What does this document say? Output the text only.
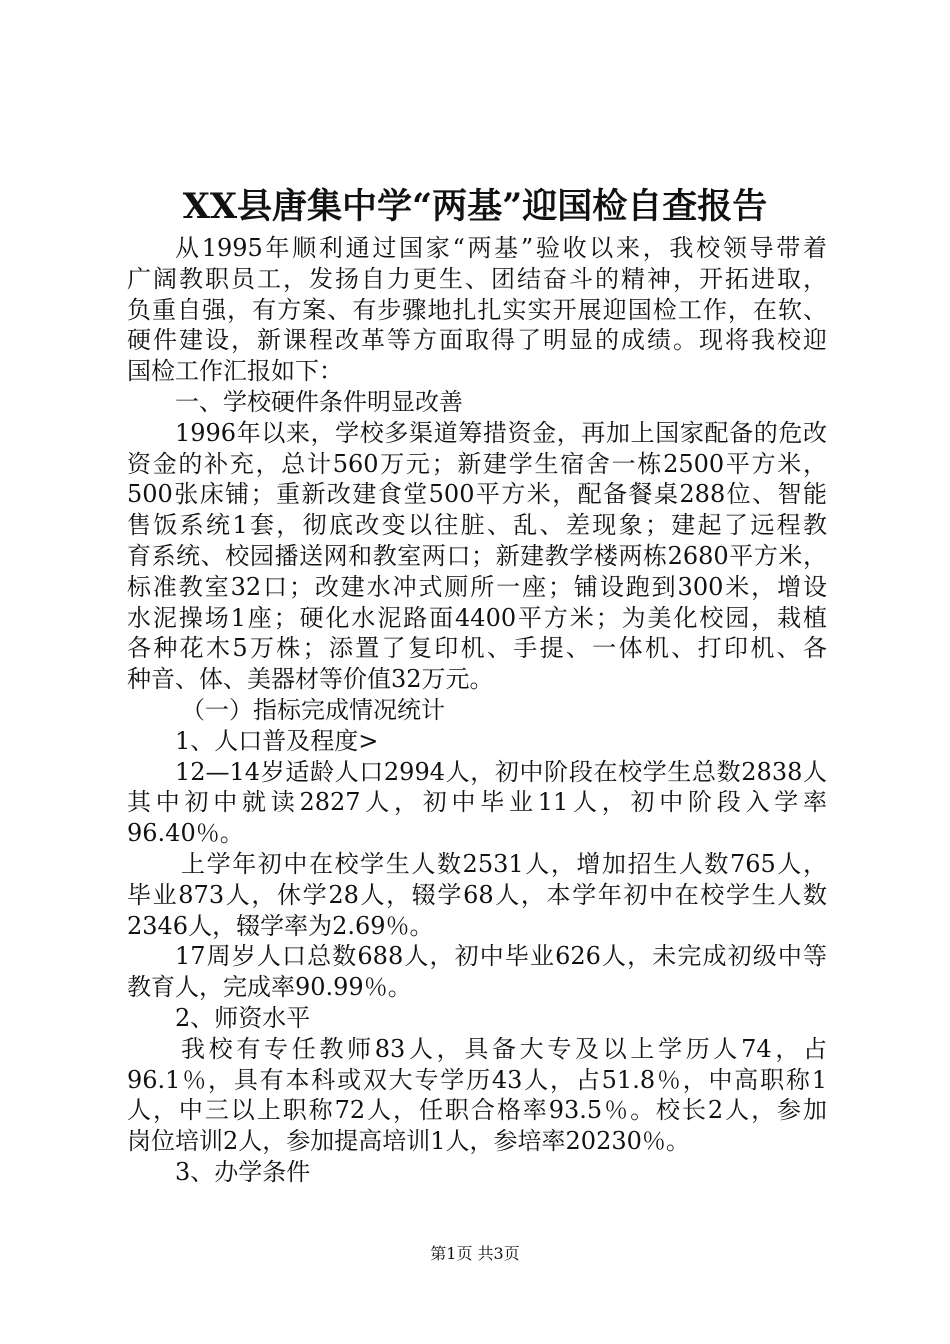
XX县唐集中学“两基”迎国检自查报告
从1995年顺利通过国家“两基”验收以来，我校领导带着
广阔教职员工，发扬自力更生、团结奋斗的精神，开拓进取，
负重自强，有方案、有步骤地扎扎实实开展迎国检工作，在软、
硬件建设，新课程改革等方面取得了明显的成绩。现将我校迎
国检工作汇报如下：
一、学校硬件条件明显改善
1996年以来，学校多渠道筹措资金，再加上国家配备的危改
资金的补充，总计560万元；新建学生宿舍一栋2500平方米，
500张床铺；重新改建食堂500平方米，配备餐桌288位、智能
售饭系统1套，彻底改变以往脏、乱、差现象；建起了远程教
育系统、校园播送网和教室两口；新建教学楼两栋2680平方米，
标准教室32口；改建水冲式厕所一座；铺设跑到300米，增设
水泥操场1座；硬化水泥路面4400平方米；为美化校园，栽植
各种花木5万株；添置了复印机、手提、一体机、打印机、各
种音、体、美器材等价值32万元。
（一）指标完成情况统计
1、人口普及程度>
12—14岁适龄人口2994人，初中阶段在校学生总数2838人
其中初中就读2827人，初中毕业11人，初中阶段入学率
96.40％。
上学年初中在校学生人数2531人，增加招生人数765人，
毕业873人，休学28人，辍学68人，本学年初中在校学生人数
2346人，辍学率为2.69％。
17周岁人口总数688人，初中毕业626人，未完成初级中等
教育人，完成率90.99％。
2、师资水平
我校有专任教师83人，具备大专及以上学历人74，占
96.1％，具有本科或双大专学历43人，占51.8％，中高职称1
人，中三以上职称72人，任职合格率93.5％。校长2人，参加
岗位培训2人，参加提高培训1人，参培率20230％。
3、办学条件
第1页 共3页
